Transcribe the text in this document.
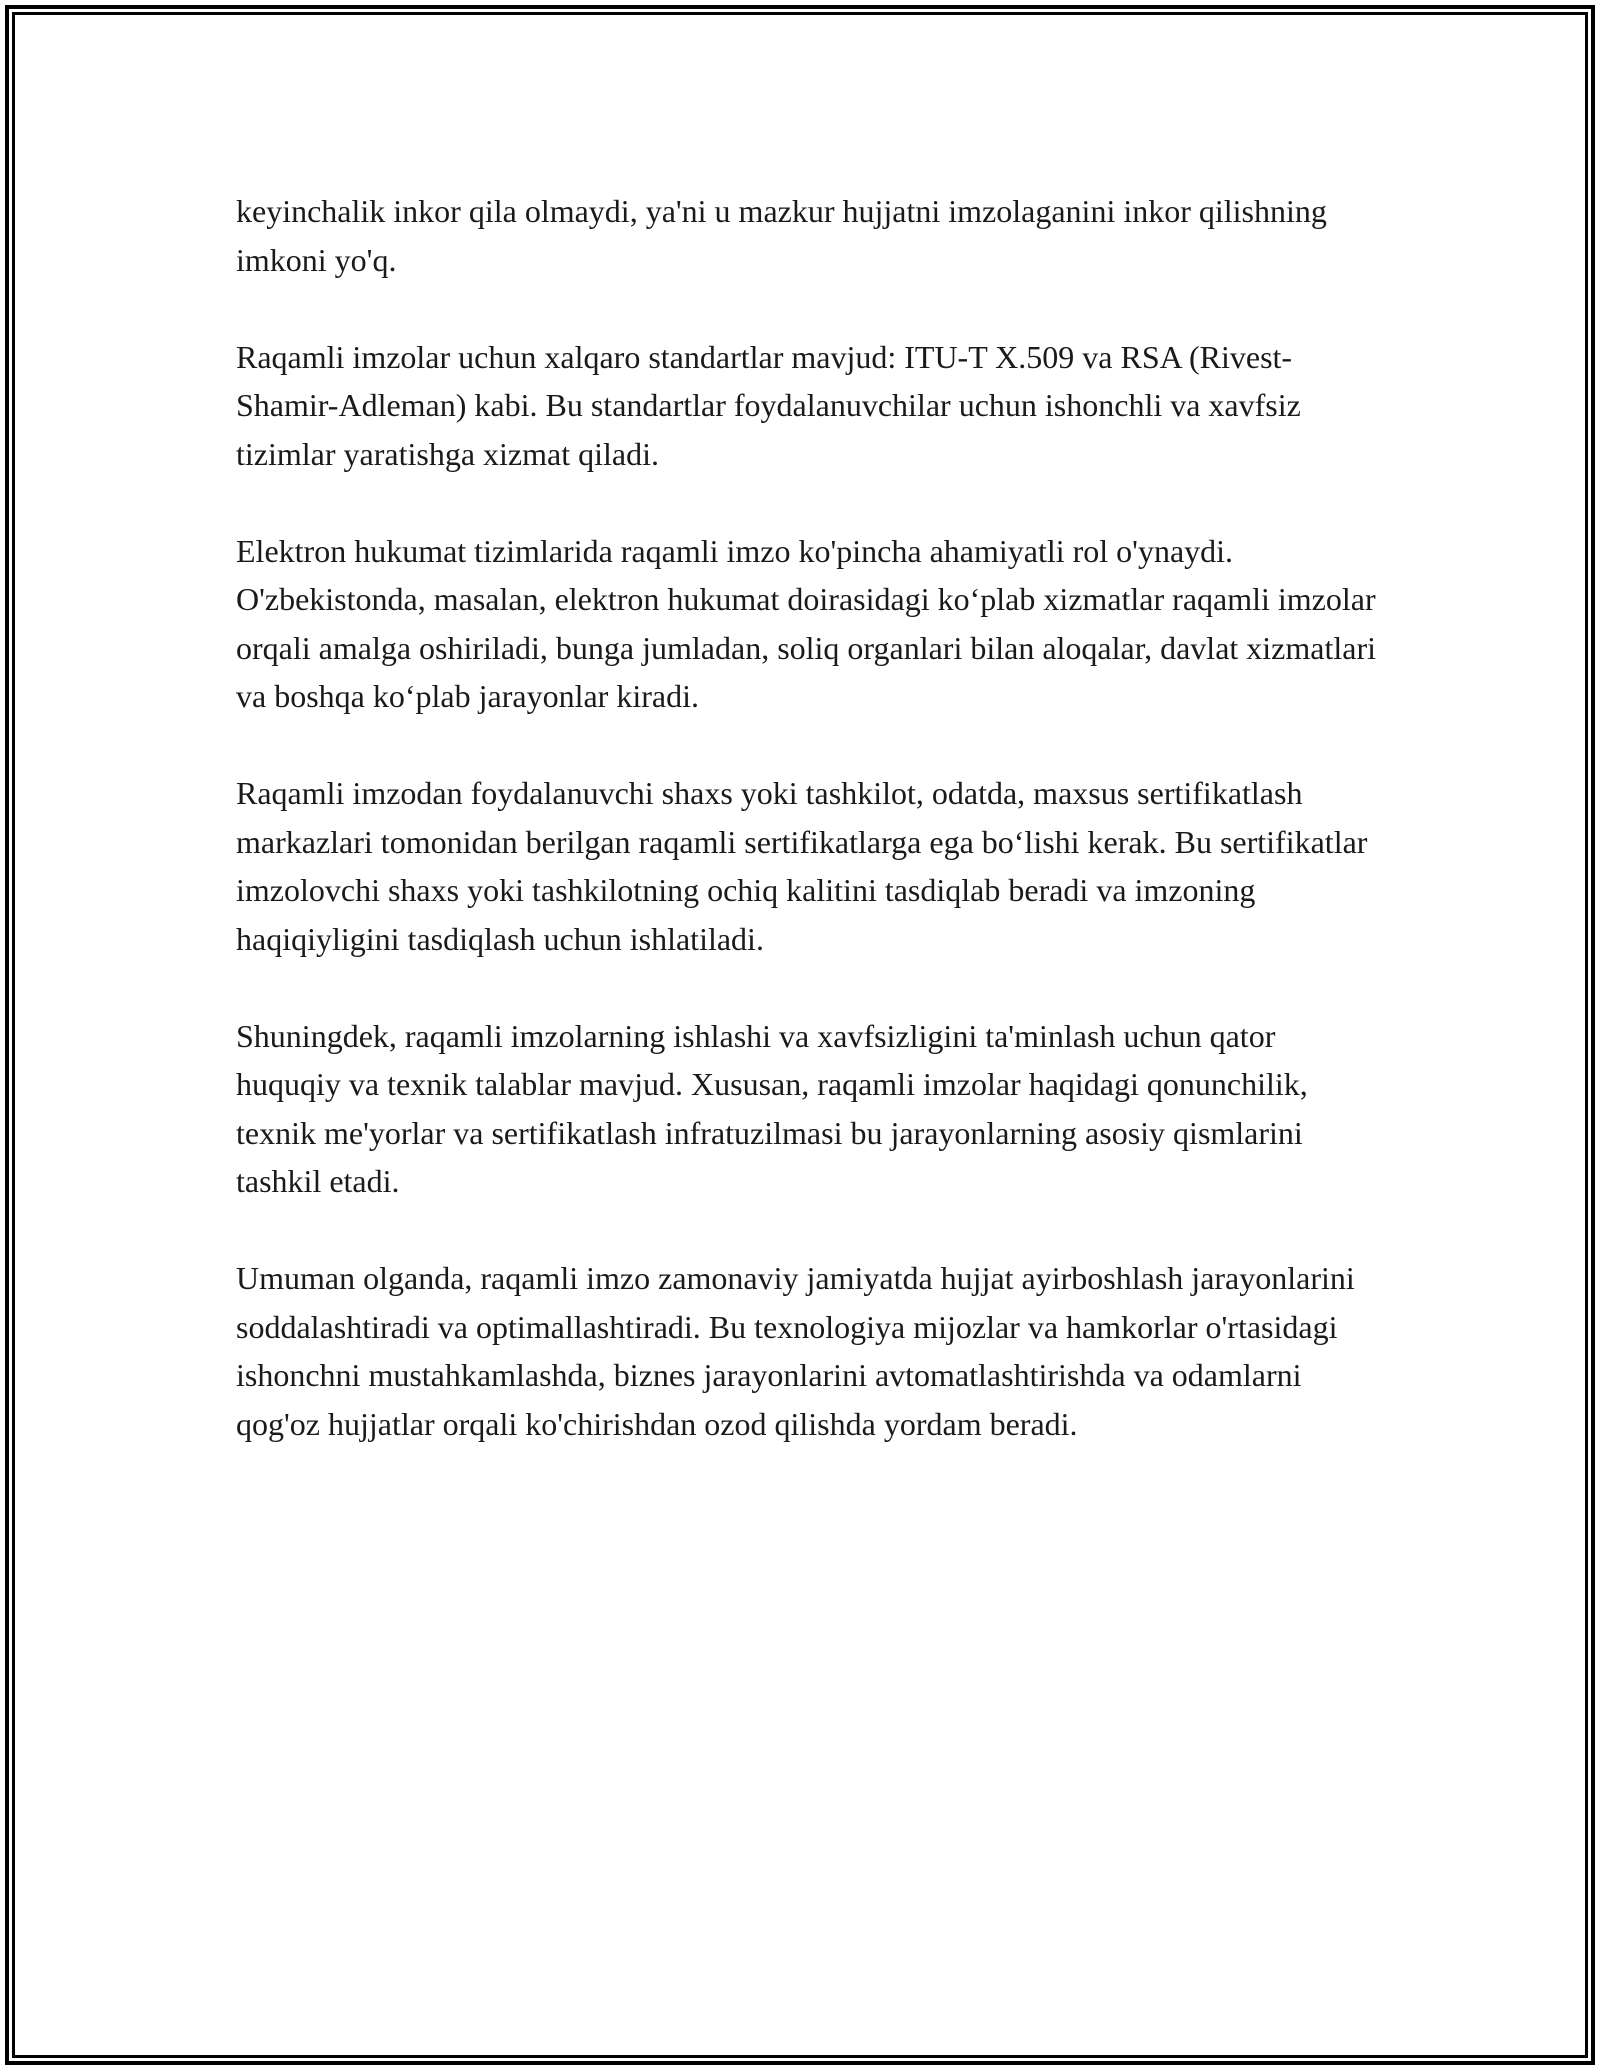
keyinchalik inkor qila olmaydi, ya'ni u mazkur hujjatni imzolaganini inkor qilishning imkoni yo'q.

Raqamli imzolar uchun xalqaro standartlar mavjud: ITU-T X.509 va RSA (Rivest-Shamir-Adleman) kabi. Bu standartlar foydalanuvchilar uchun ishonchli va xavfsiz tizimlar yaratishga xizmat qiladi.

Elektron hukumat tizimlarida raqamli imzo ko'pincha ahamiyatli rol o'ynaydi. O'zbekistonda, masalan, elektron hukumat doirasidagi ko‘plab xizmatlar raqamli imzolar orqali amalga oshiriladi, bunga jumladan, soliq organlari bilan aloqalar, davlat xizmatlari va boshqa ko‘plab jarayonlar kiradi.

Raqamli imzodan foydalanuvchi shaxs yoki tashkilot, odatda, maxsus sertifikatlash markazlari tomonidan berilgan raqamli sertifikatlarga ega bo‘lishi kerak. Bu sertifikatlar imzolovchi shaxs yoki tashkilotning ochiq kalitini tasdiqlab beradi va imzoning haqiqiyligini tasdiqlash uchun ishlatiladi.

Shuningdek, raqamli imzolarning ishlashi va xavfsizligini ta'minlash uchun qator huquqiy va texnik talablar mavjud. Xususan, raqamli imzolar haqidagi qonunchilik, texnik me'yorlar va sertifikatlash infratuzilmasi bu jarayonlarning asosiy qismlarini tashkil etadi.

Umuman olganda, raqamli imzo zamonaviy jamiyatda hujjat ayirboshlash jarayonlarini soddalashtiradi va optimallashtiradi. Bu texnologiya mijozlar va hamkorlar o'rtasidagi ishonchni mustahkamlashda, biznes jarayonlarini avtomatlashtirishda va odamlarni qog'oz hujjatlar orqali ko'chirishdan ozod qilishda yordam beradi.
